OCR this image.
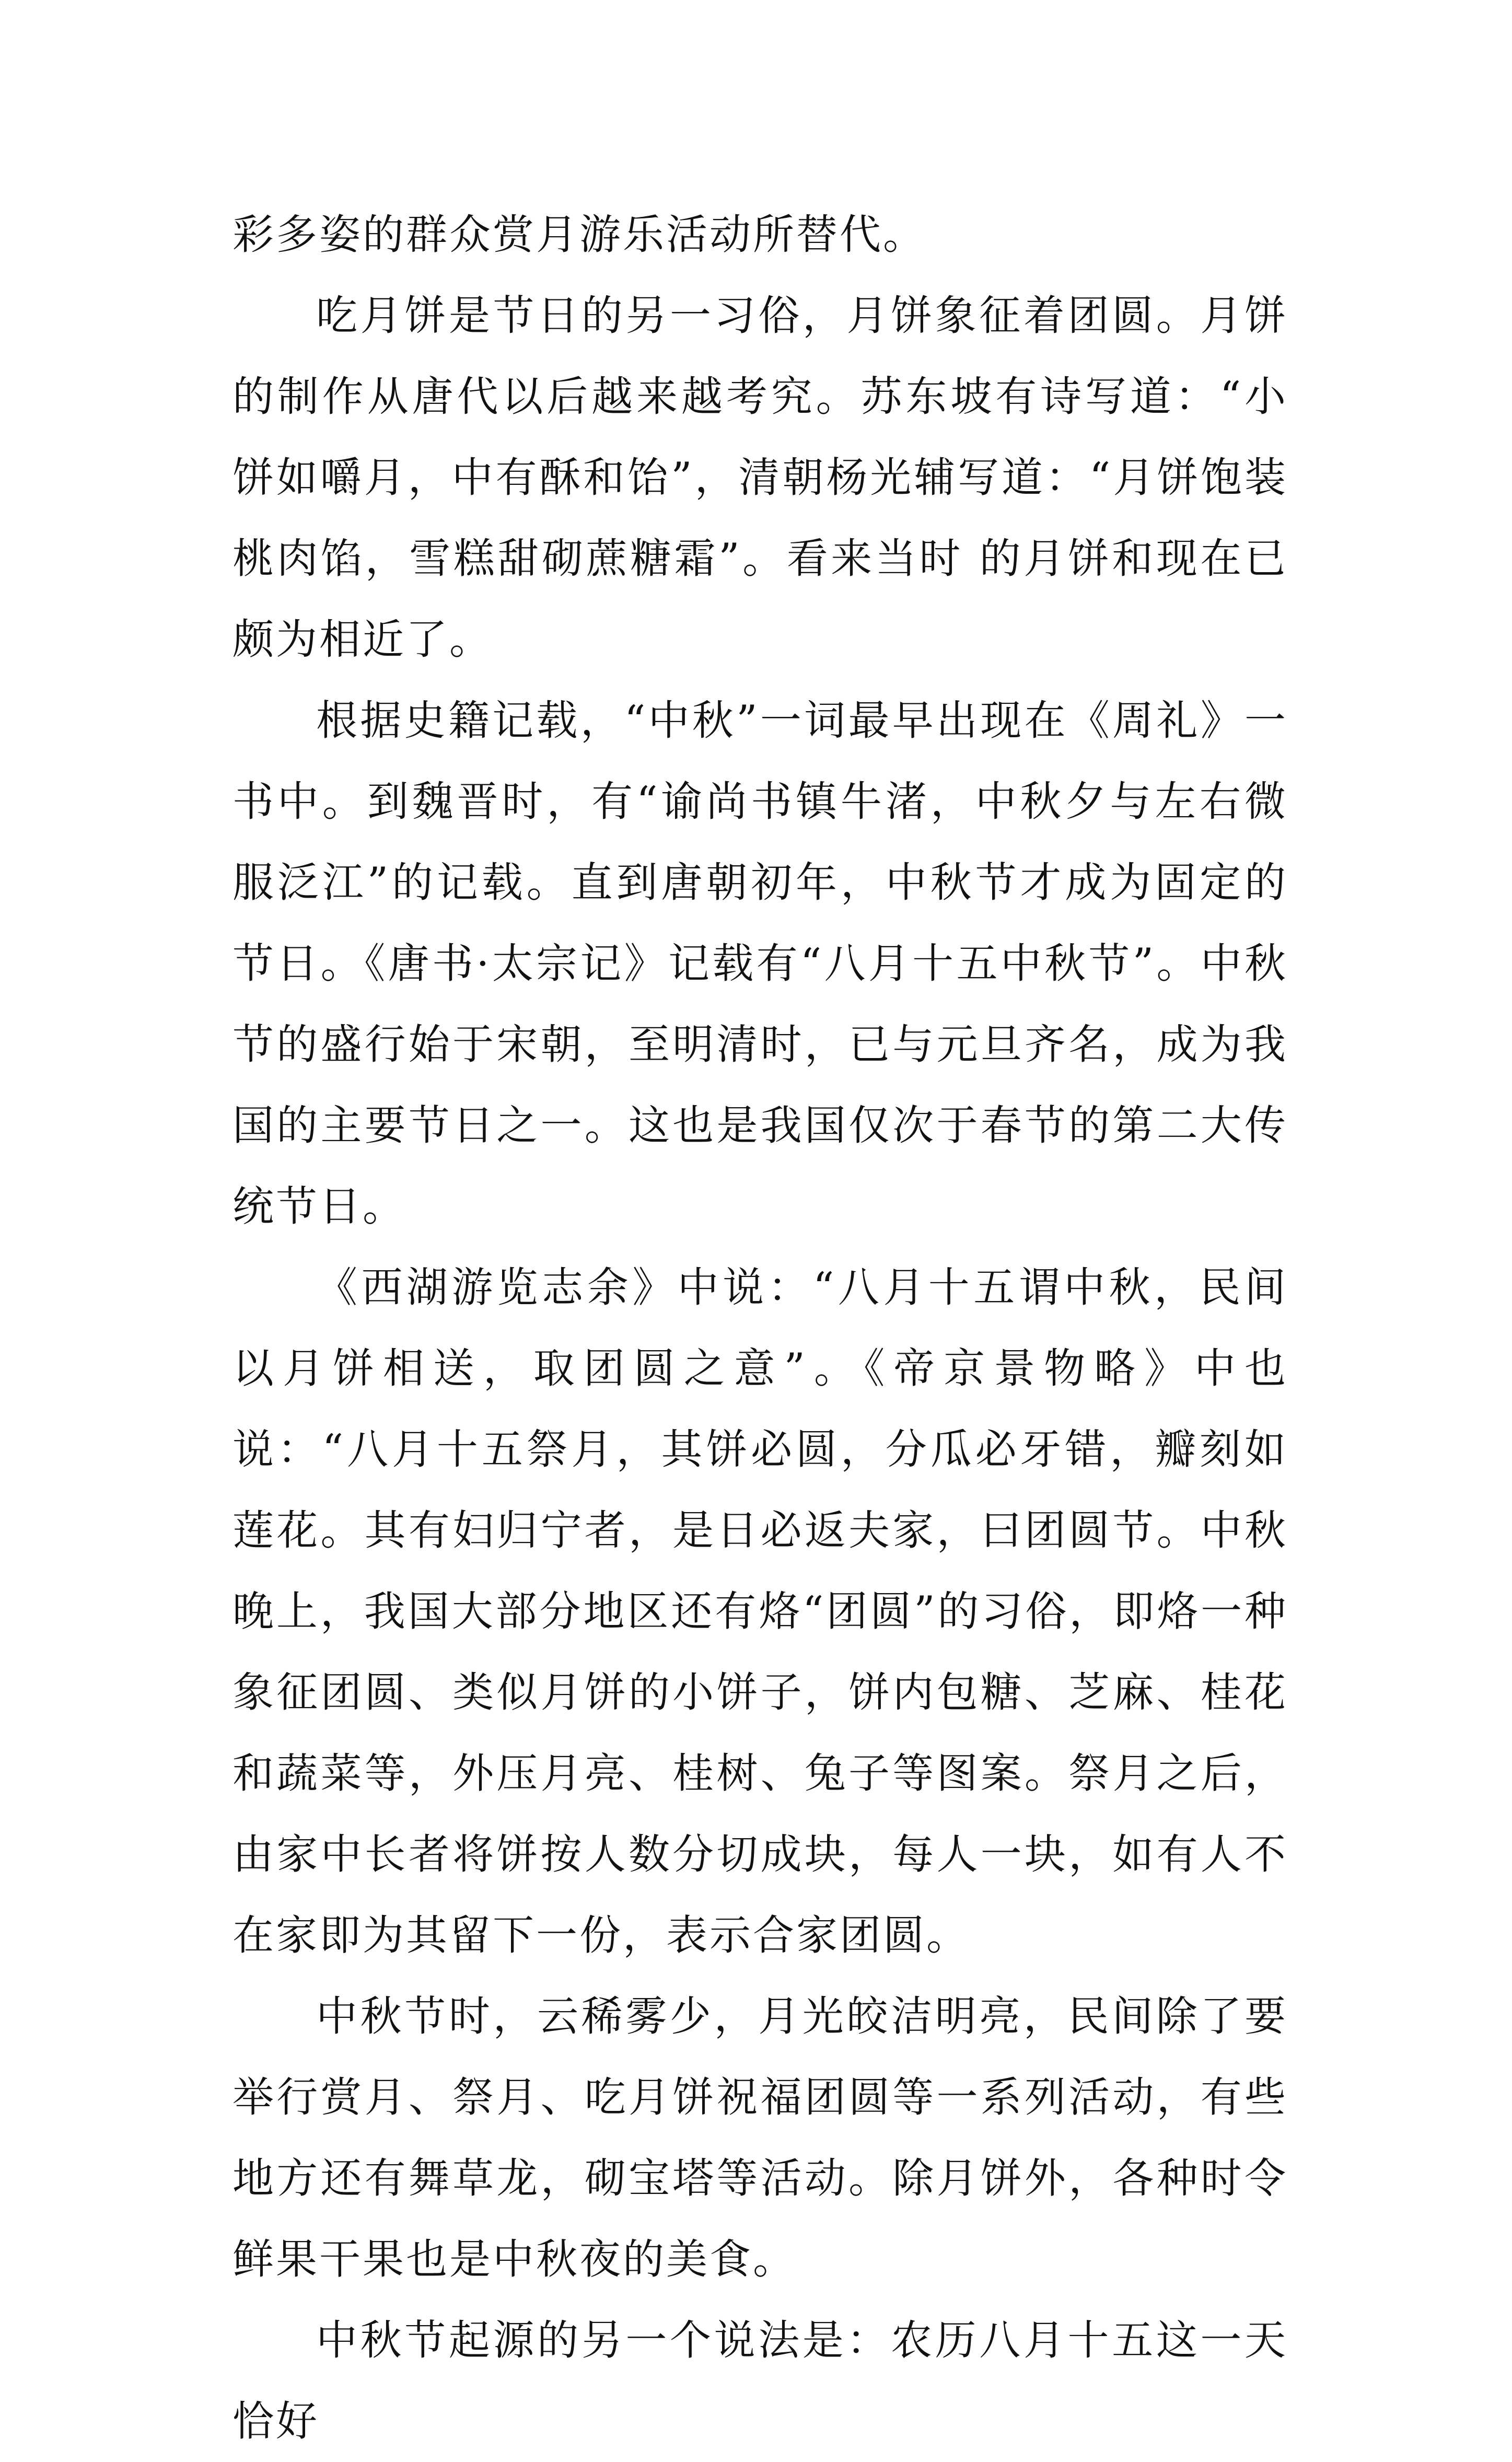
彩多姿的群众赏月游乐活动所替代。

吃月饼是节日的另一习俗，月饼象征着团圆。月饼的制作从唐代以后越来越考究。苏东坡有诗写道：“小饼如嚼月，中有酥和饴”，清朝杨光辅写道：“月饼饱装桃肉馅，雪糕甜砌蔗糖霜”。看来当时 的月饼和现在已颇为相近了。

根据史籍记载，“中秋”一词最早出现在《周礼》一书中。到魏晋时，有“谕尚书镇牛渚，中秋夕与左右微服泛江”的记载。直到唐朝初年，中秋节才成为固定的节日。《唐书·太宗记》记载有“八月十五中秋节”。中秋节的盛行始于宋朝，至明清时，已与元旦齐名，成为我国的主要节日之一。这也是我国仅次于春节的第二大传统节日。

《西湖游览志余》中说：“八月十五谓中秋，民间以月饼相送，取团圆之意”。《帝京景物略》中也说：“八月十五祭月，其饼必圆，分瓜必牙错，瓣刻如莲花。其有妇归宁者，是日必返夫家，曰团圆节。中秋晚上，我国大部分地区还有烙“团圆”的习俗，即烙一种象征团圆、类似月饼的小饼子，饼内包糖、芝麻、桂花和蔬菜等，外压月亮、桂树、兔子等图案。祭月之后，由家中长者将饼按人数分切成块，每人一块，如有人不在家即为其留下一份，表示合家团圆。

中秋节时，云稀雾少，月光皎洁明亮，民间除了要举行赏月、祭月、吃月饼祝福团圆等一系列活动，有些地方还有舞草龙，砌宝塔等活动。除月饼外，各种时令鲜果干果也是中秋夜的美食。

中秋节起源的另一个说法是：农历八月十五这一天恰好
